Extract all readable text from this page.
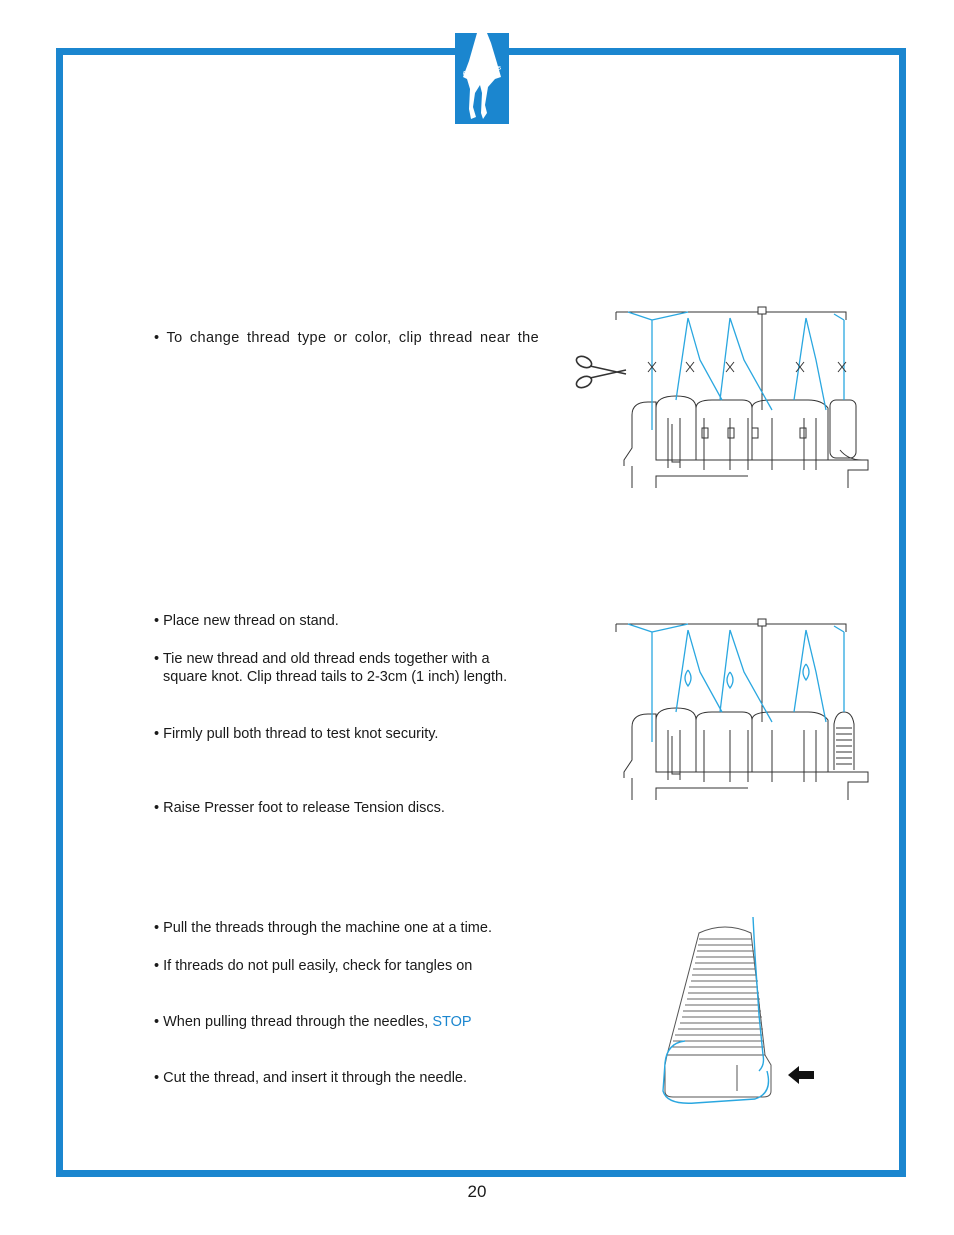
A-LINE SERIES
• To change thread type or color, clip thread near the
• Place new thread on stand.
• Tie new thread and old thread ends together with a
square knot. Clip thread tails to 2-3cm (1 inch) length.
• Firmly pull both thread to test knot security.
• Raise Presser foot to release Tension discs.
• Pull the threads through the machine one at a time.
• If threads do not pull easily, check for tangles on
• When pulling thread through the needles, STOP
• Cut the thread, and insert it through the needle.
20
